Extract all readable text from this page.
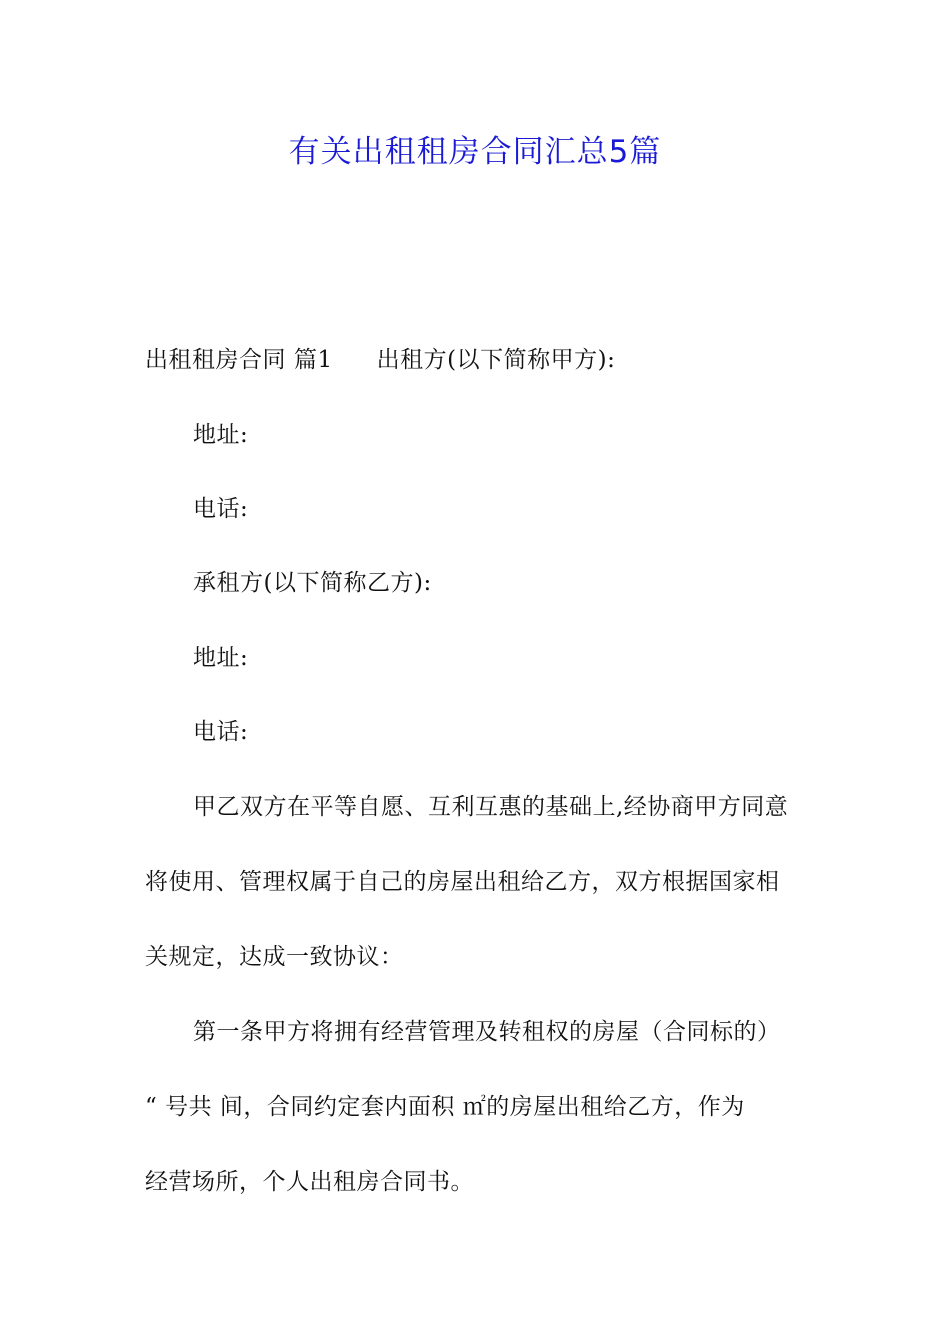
有关出租租房合同汇总5篇
出租租房合同 篇1 出租方(以下简称甲方):
地址:
电话:
承租方(以下简称乙方):
地址:
电话:
甲乙双方在平等自愿、互利互惠的基础上,经协商甲方同意
将使用、管理权属于自己的房屋出租给乙方，双方根据国家相
关规定，达成一致协议：
第一条甲方将拥有经营管理及转租权的房屋（合同标的）
“ 号共 间，合同约定套内面积 ㎡的房屋出租给乙方，作为
经营场所，个人出租房合同书。
